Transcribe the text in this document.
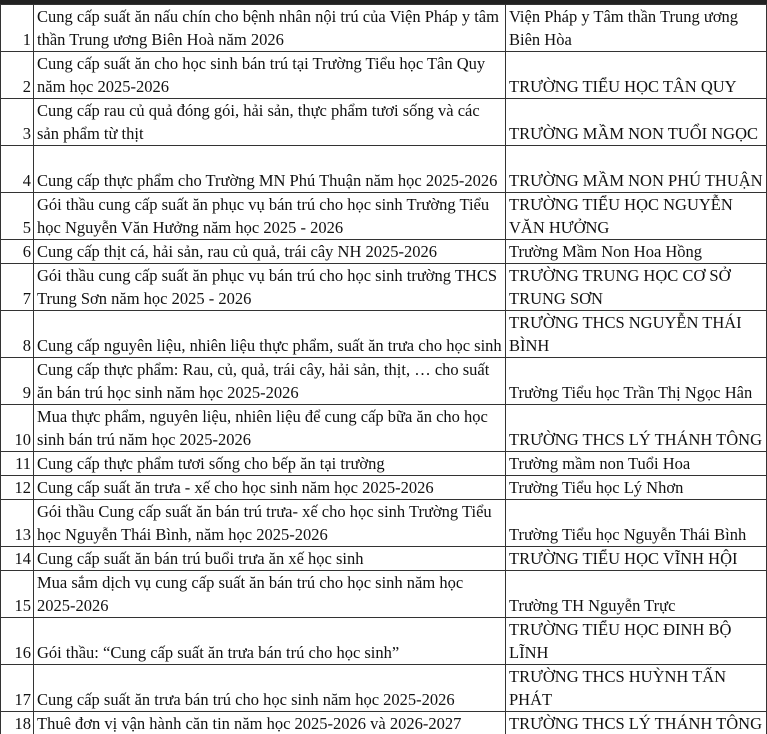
1	Cung cấp suất ăn nấu chín cho bệnh nhân nội trú của Viện Pháp y tâm thần Trung ương Biên Hoà năm 2026	Viện Pháp y Tâm thần Trung ương Biên Hòa
2	Cung cấp suất ăn cho học sinh bán trú tại Trường Tiểu học Tân Quy năm học 2025-2026	TRƯỜNG TIỂU HỌC TÂN QUY
3	Cung cấp rau củ quả đóng gói, hải sản, thực phẩm tươi sống và các sản phẩm từ thịt	TRƯỜNG MẦM NON TUỔI NGỌC
4	Cung cấp thực phẩm cho Trường MN Phú Thuận năm học 2025-2026	TRƯỜNG MẦM NON PHÚ THUẬN
5	Gói thầu cung cấp suất ăn phục vụ bán trú cho học sinh Trường Tiểu học Nguyễn Văn Hưởng năm học 2025 - 2026	TRƯỜNG TIỂU HỌC NGUYỄN VĂN HƯỞNG
6	Cung cấp thịt cá, hải sản, rau củ quả, trái cây NH 2025-2026	Trường Mầm Non Hoa Hồng
7	Gói thầu cung cấp suất ăn phục vụ bán trú cho học sinh trường THCS Trung Sơn năm học 2025 - 2026	TRƯỜNG TRUNG HỌC CƠ SỞ TRUNG SƠN
8	Cung cấp nguyên liệu, nhiên liệu thực phẩm, suất ăn trưa cho học sinh	TRƯỜNG THCS NGUYỄN THÁI BÌNH
9	Cung cấp thực phẩm: Rau, củ, quả, trái cây, hải sản, thịt, … cho suất ăn bán trú học sinh năm học 2025-2026	Trường Tiểu học Trần Thị Ngọc Hân
10	Mua thực phẩm, nguyên liệu, nhiên liệu để cung cấp bữa ăn cho học sinh bán trú năm học 2025-2026	TRƯỜNG THCS LÝ THÁNH TÔNG
11	Cung cấp thực phẩm tươi sống cho bếp ăn tại trường	Trường mầm non Tuổi Hoa
12	Cung cấp suất ăn trưa - xế cho học sinh năm học 2025-2026	Trường Tiểu học Lý Nhơn
13	Gói thầu Cung cấp suất ăn bán trú trưa- xế cho học sinh Trường Tiểu học Nguyễn Thái Bình, năm học 2025-2026	Trường Tiểu học Nguyễn Thái Bình
14	Cung cấp suất ăn bán trú buổi trưa ăn xế học sinh	TRƯỜNG TIỂU HỌC VĨNH HỘI
15	Mua sắm dịch vụ cung cấp suất ăn bán trú cho học sinh năm học 2025-2026	Trường TH Nguyễn Trực
16	Gói thầu: “Cung cấp suất ăn trưa bán trú cho học sinh”	TRƯỜNG TIỂU HỌC ĐINH BỘ LĨNH
17	Cung cấp suất ăn trưa bán trú cho học sinh năm học 2025-2026	TRƯỜNG THCS HUỲNH TẤN PHÁT
18	Thuê đơn vị vận hành căn tin năm học 2025-2026 và 2026-2027	TRƯỜNG THCS LÝ THÁNH TÔNG
